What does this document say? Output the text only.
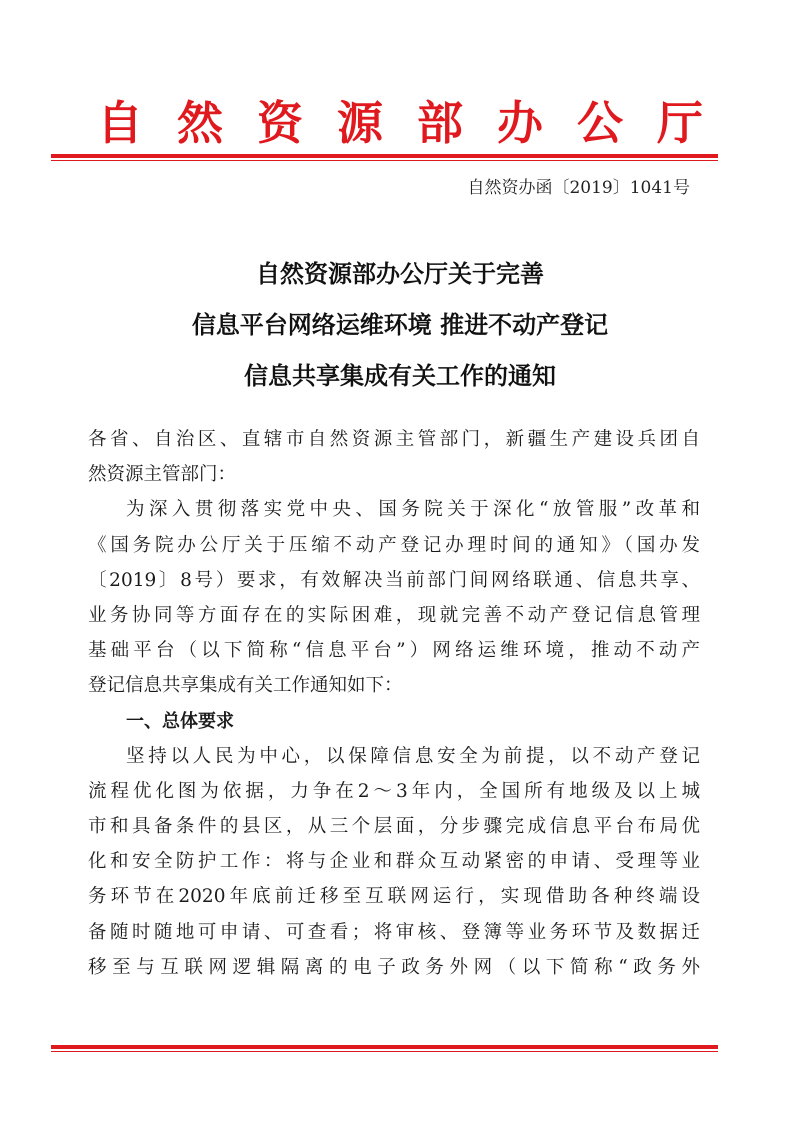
自然资源部办公厅
自然资办函〔2019〕1041号
自然资源部办公厅关于完善
信息平台网络运维环境 推进不动产登记
信息共享集成有关工作的通知
各省、自治区、直辖市自然资源主管部门，新疆生产建设兵团自
然资源主管部门：
为深入贯彻落实党中央、国务院关于深化“放管服”改革和
《国务院办公厅关于压缩不动产登记办理时间的通知》（国办发
〔2019〕8号）要求，有效解决当前部门间网络联通、信息共享、
业务协同等方面存在的实际困难，现就完善不动产登记信息管理
基础平台（以下简称“信息平台”）网络运维环境，推动不动产
登记信息共享集成有关工作通知如下：
一、总体要求
坚持以人民为中心，以保障信息安全为前提，以不动产登记
流程优化图为依据，力争在2～3年内，全国所有地级及以上城
市和具备条件的县区，从三个层面，分步骤完成信息平台布局优
化和安全防护工作：将与企业和群众互动紧密的申请、受理等业
务环节在2020年底前迁移至互联网运行，实现借助各种终端设
备随时随地可申请、可查看；将审核、登簿等业务环节及数据迁
移至与互联网逻辑隔离的电子政务外网（以下简称“政务外
